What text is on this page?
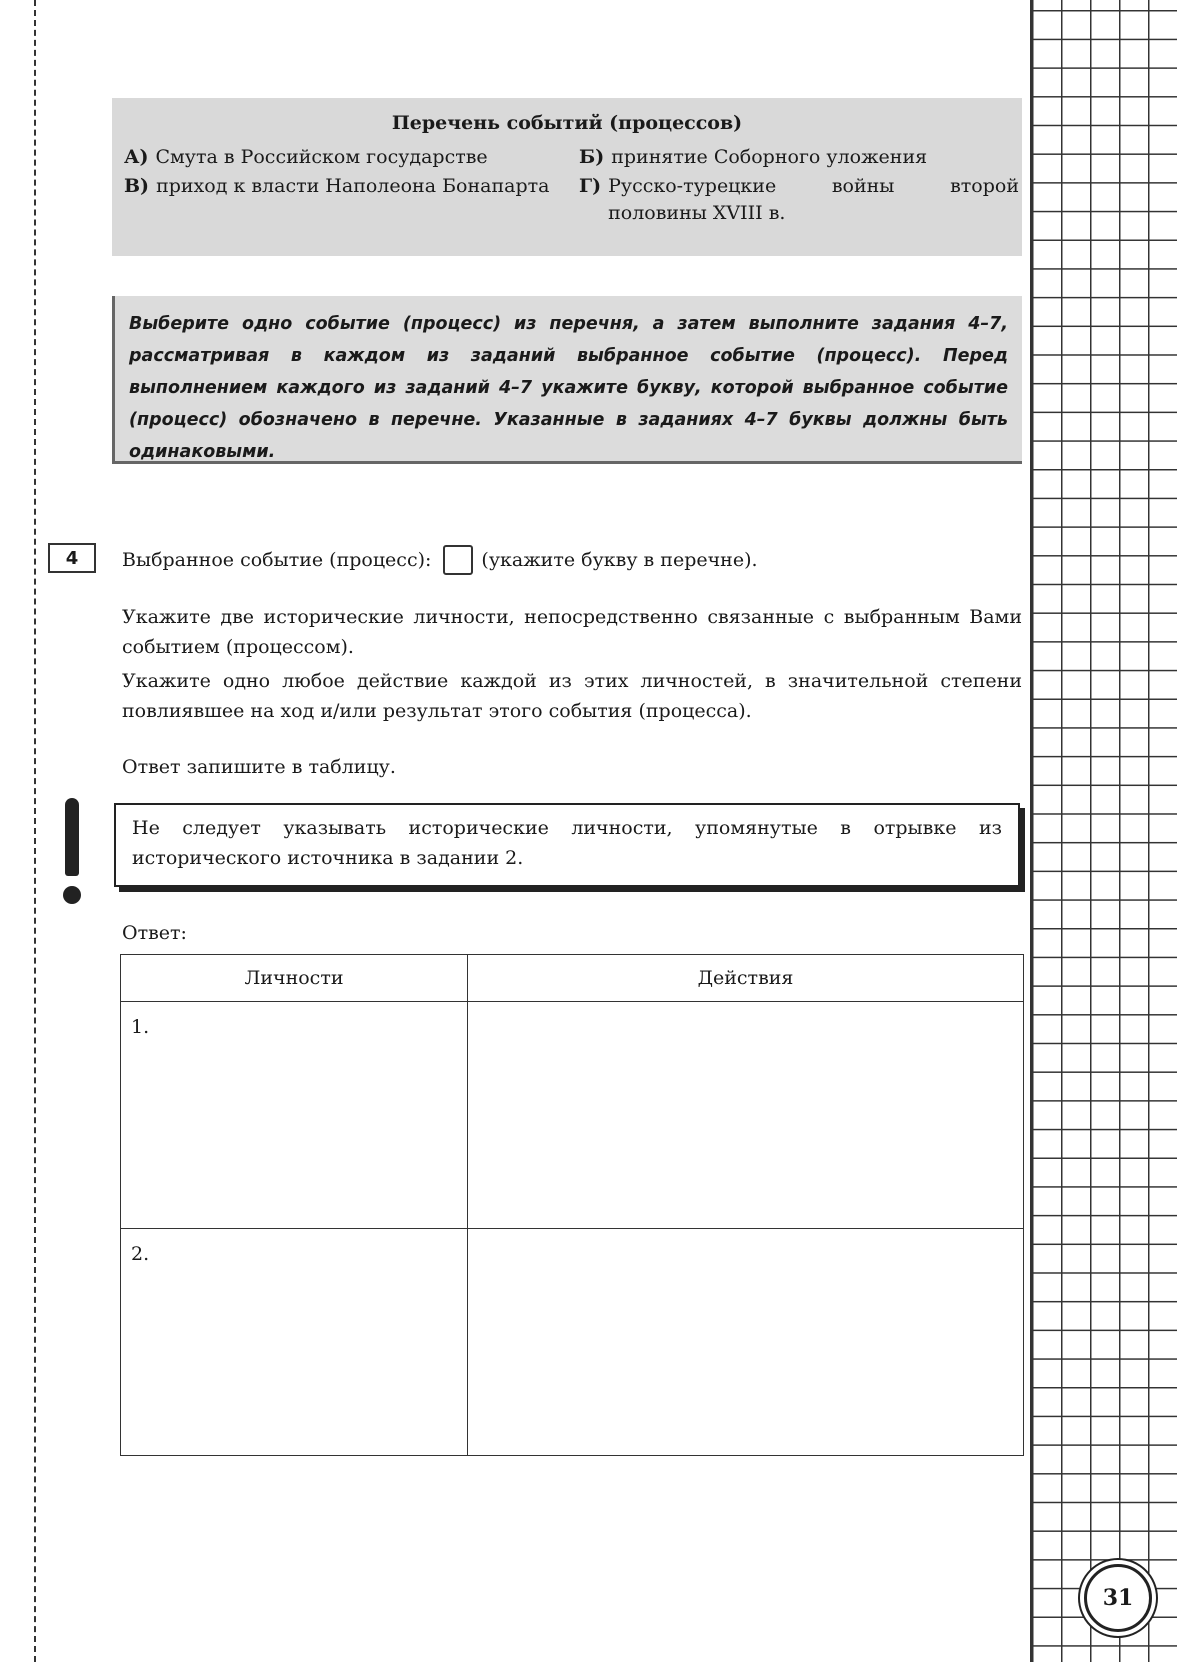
31
Перечень событий (процессов)
А) Смута в Российском государстве	Б) принятие Соборного уложения
В) приход к власти Наполеона Бонапарта Г) Русско-турецкие войны второй половины XVIII в.
Выберите одно событие (процесс) из перечня, а затем выполните задания 4–7, рассматривая в каждом из заданий выбранное событие (процесс). Перед выполнением каждого из заданий 4–7 укажите букву, которой выбранное событие (процесс) обозначено в перечне. Указанные в заданиях 4–7 буквы должны быть одинаковыми.
4	Выбранное событие (процесс):	(укажите букву в перечне).
Укажите две исторические личности, непосредственно связанные с выбранным Вами событием (процессом).
Укажите одно любое действие каждой из этих личностей, в значительной степени повлиявшее на ход и/или результат этого события (процесса).
Ответ запишите в таблицу.
Не следует указывать исторические личности, упомянутые в отрывке из исторического источника в задании 2.
Ответ:
Личности	Действия
1.	
2.	
